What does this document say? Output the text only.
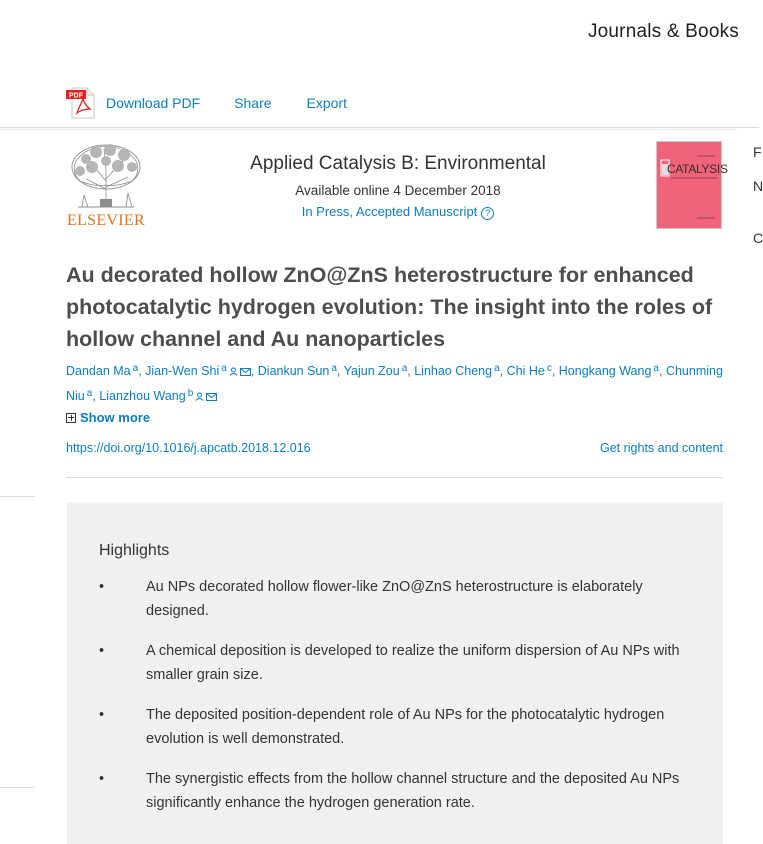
Journals & Books
PDF Download PDF Share	Export
ELSEVIER
Applied Catalysis B: Environmental
Available online 4 December 2018
In Press, Accepted Manuscript ?
CATALYSIS
F
N
C
Au decorated hollow ZnO@ZnS heterostructure for enhanced photocatalytic hydrogen evolution: The insight into the roles of hollow channel and Au nanoparticles
Dandan Ma $^a$, Jian-Wen Shi $^a$ , Diankun Sun $^a$, Yajun Zou $^a$, Linhao Cheng $^a$, Chi He $^c$, Hongkang Wang $^a$, Chunming Niu $^a$, Lianzhou Wang $^b$
Show more
https://doi.org/10.1016/j.apcatb.2018.12.016	Get rights and content
Highlights
•	Au NPs decorated hollow flower-like ZnO@ZnS heterostructure is elaborately designed.
•	A chemical deposition is developed to realize the uniform dispersion of Au NPs with smaller grain size.
•	The deposited position-dependent role of Au NPs for the photocatalytic hydrogen evolution is well demonstrated.
•	The synergistic effects from the hollow channel structure and the deposited Au NPs significantly enhance the hydrogen generation rate.
